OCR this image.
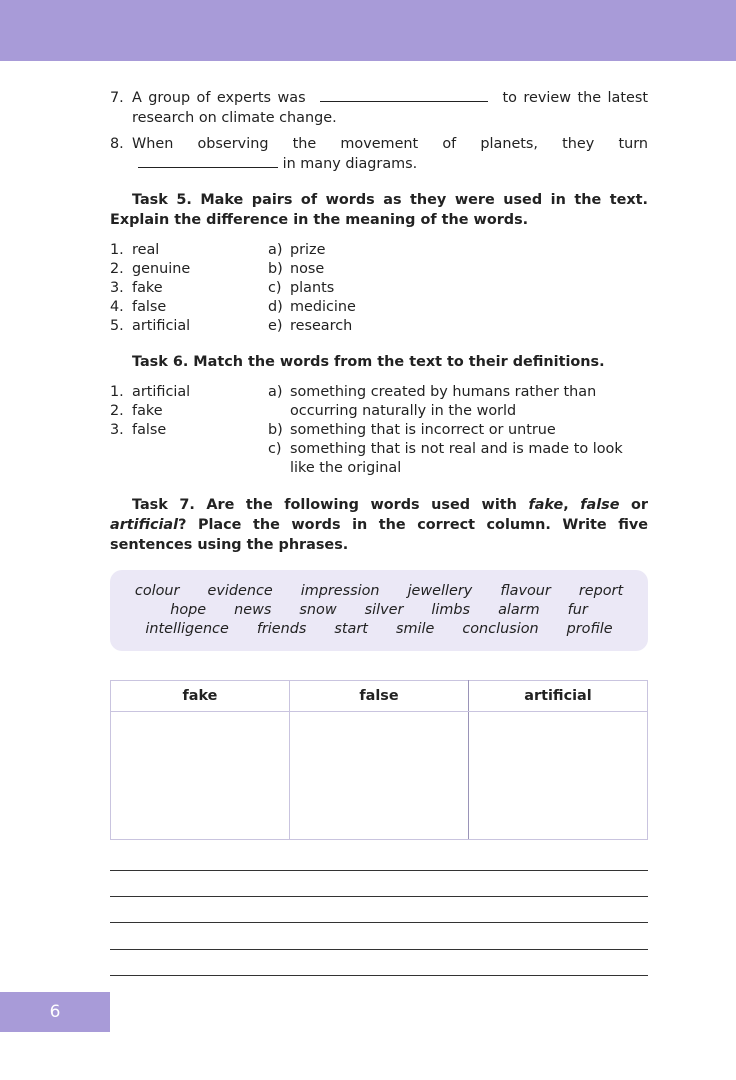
7. A group of experts was	to review the latest research on climate change.
8. When observing the movement of planets, they turn  in many diagrams.

Task 5. Make pairs of words as they were used in the text. Explain the difference in the meaning of the words.

1. real
2. genuine
3. fake
4. false
5. artificial
a) prize
b) nose
c) plants
d) medicine
e) research

Task 6. Match the words from the text to their definitions.

1. artificial
2. fake
3. false
a) something created by humans rather than occurring naturally in the world
b) something that is incorrect or untrue
c) something that is not real and is made to look like the original

Task 7. Are the following words used with fake, false or artificial? Place the words in the correct column. Write five sentences using the phrases.

colour evidence impression jewellery flavour report
hope news snow silver limbs alarm fur
intelligence friends start smile conclusion profile
fake	false	artificial

6
